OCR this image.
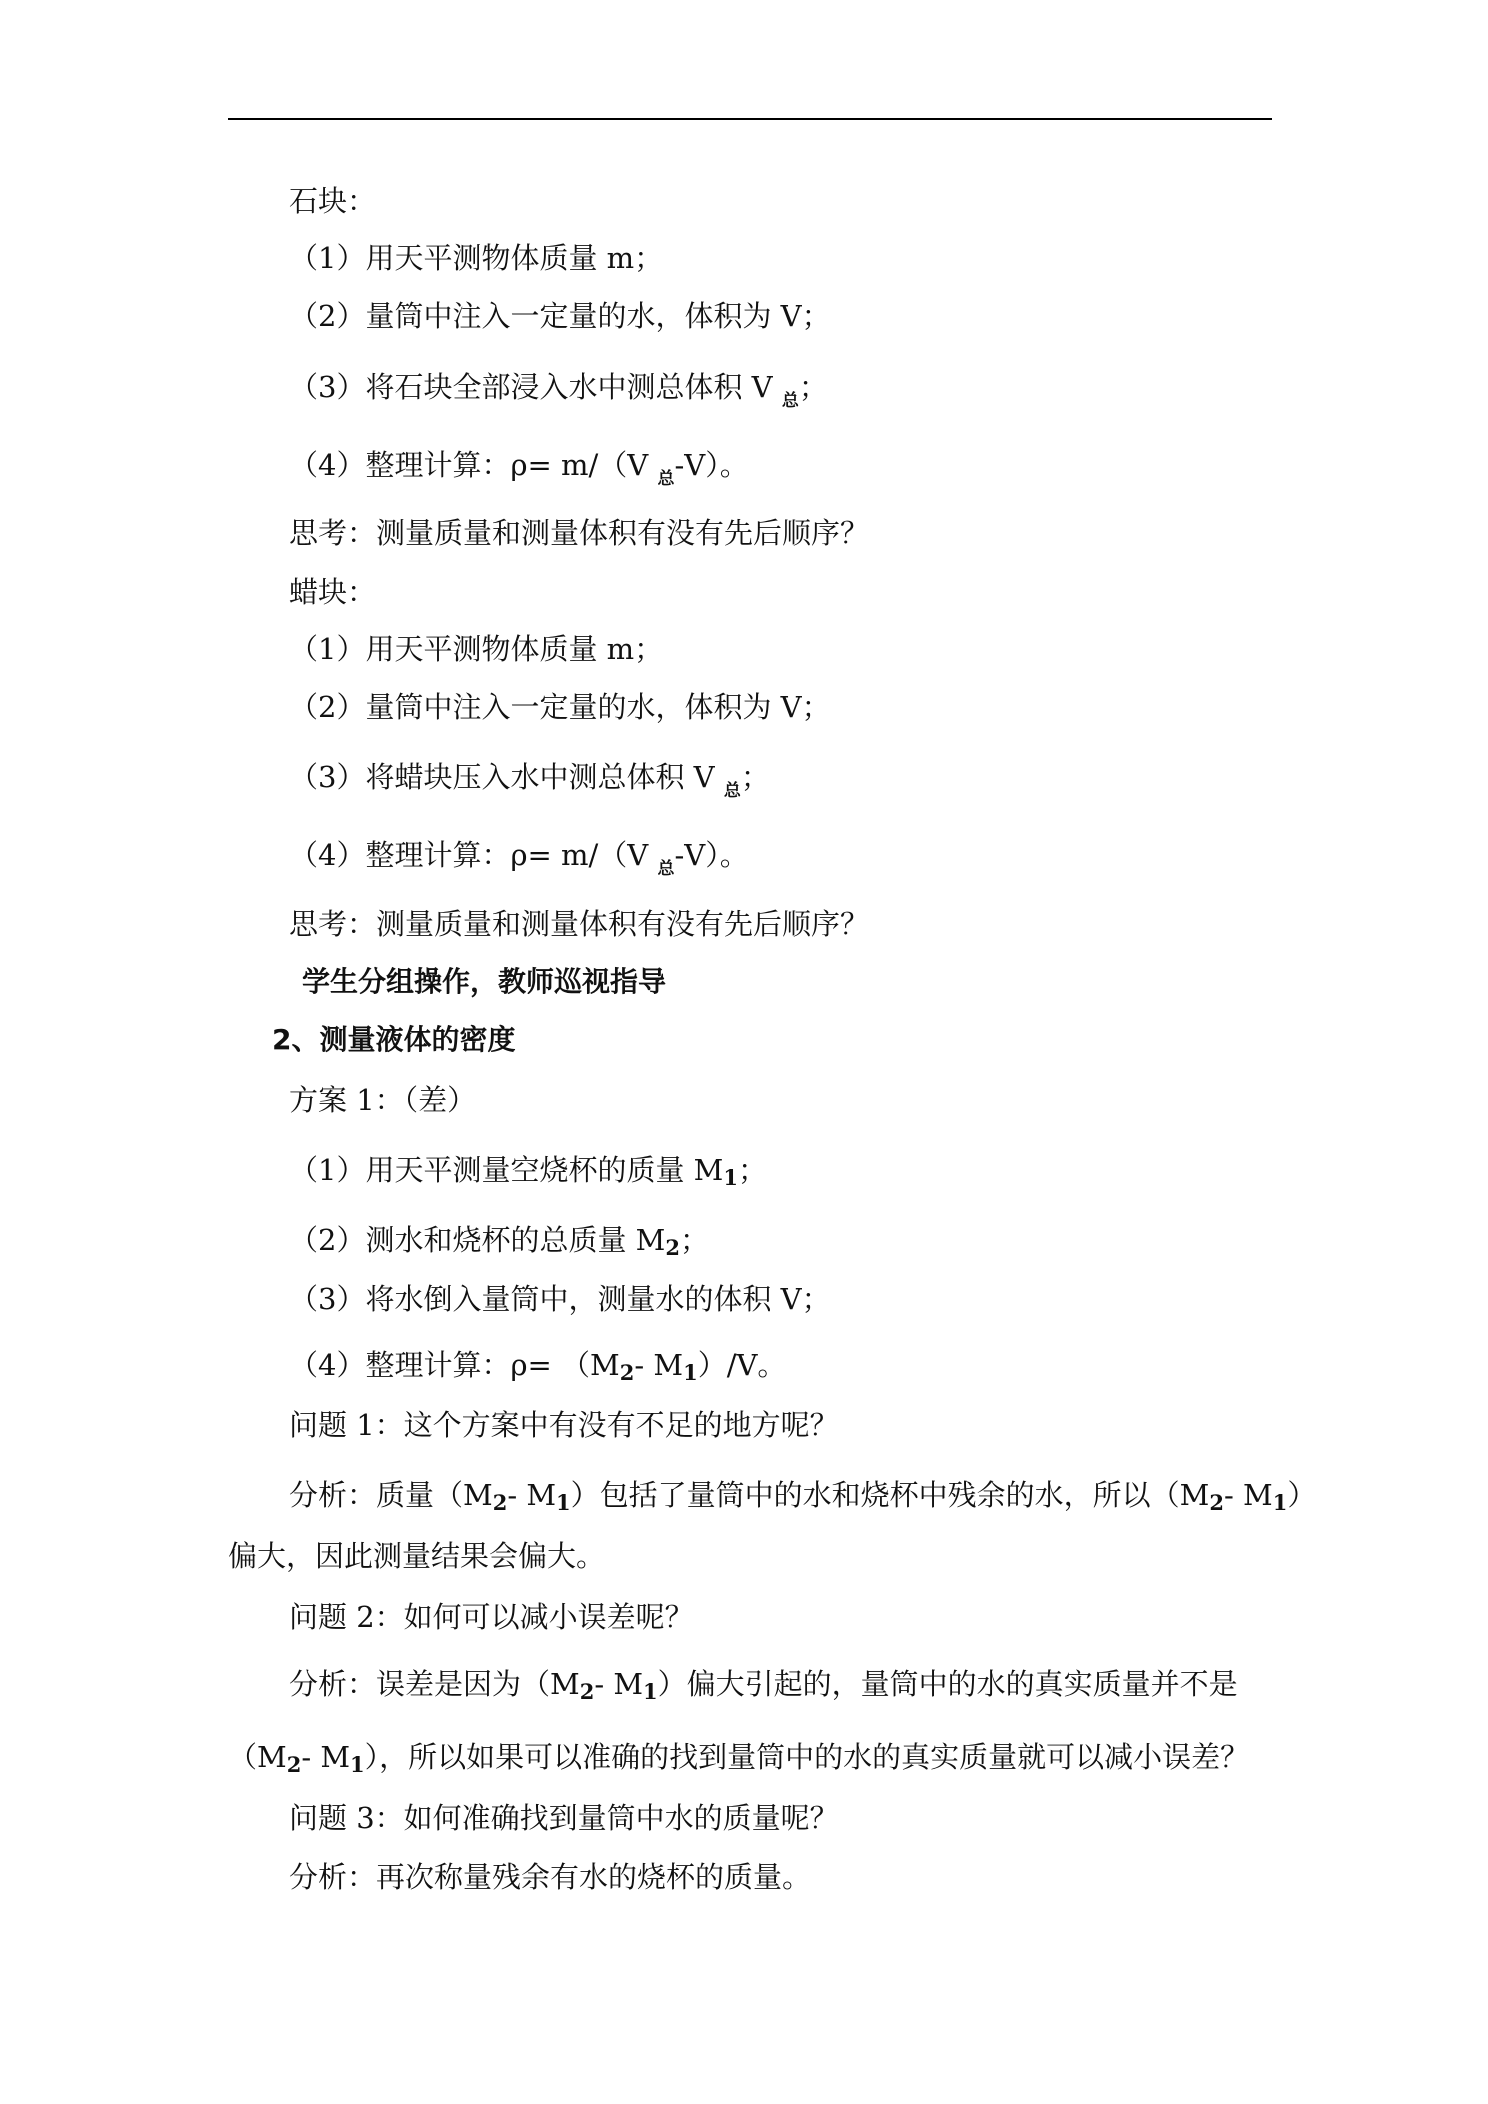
石块：
（1）用天平测物体质量 m；
（2）量筒中注入一定量的水，体积为 V；
（3）将石块全部浸入水中测总体积 V $_总$；
（4）整理计算：ρ= m/（V $_总$-V）。
思考：测量质量和测量体积有没有先后顺序？
蜡块：
（1）用天平测物体质量 m；
（2）量筒中注入一定量的水，体积为 V；
（3）将蜡块压入水中测总体积 V $_总$；
（4）整理计算：ρ= m/（V $_总$-V）。
思考：测量质量和测量体积有没有先后顺序？
学生分组操作，教师巡视指导
2、测量液体的密度
方案 1：（差）
（1）用天平测量空烧杯的质量 M1；
（2）测水和烧杯的总质量 M2；
（3）将水倒入量筒中，测量水的体积 V；
（4）整理计算：ρ= （M2- M1）/V。
问题 1：这个方案中有没有不足的地方呢？
分析：质量（M2- M1）包括了量筒中的水和烧杯中残余的水，所以（M2- M1）
偏大，因此测量结果会偏大。
问题 2：如何可以减小误差呢？
分析：误差是因为（M2- M1）偏大引起的，量筒中的水的真实质量并不是
（M2- M1），所以如果可以准确的找到量筒中的水的真实质量就可以减小误差？
问题 3：如何准确找到量筒中水的质量呢？
分析：再次称量残余有水的烧杯的质量。
